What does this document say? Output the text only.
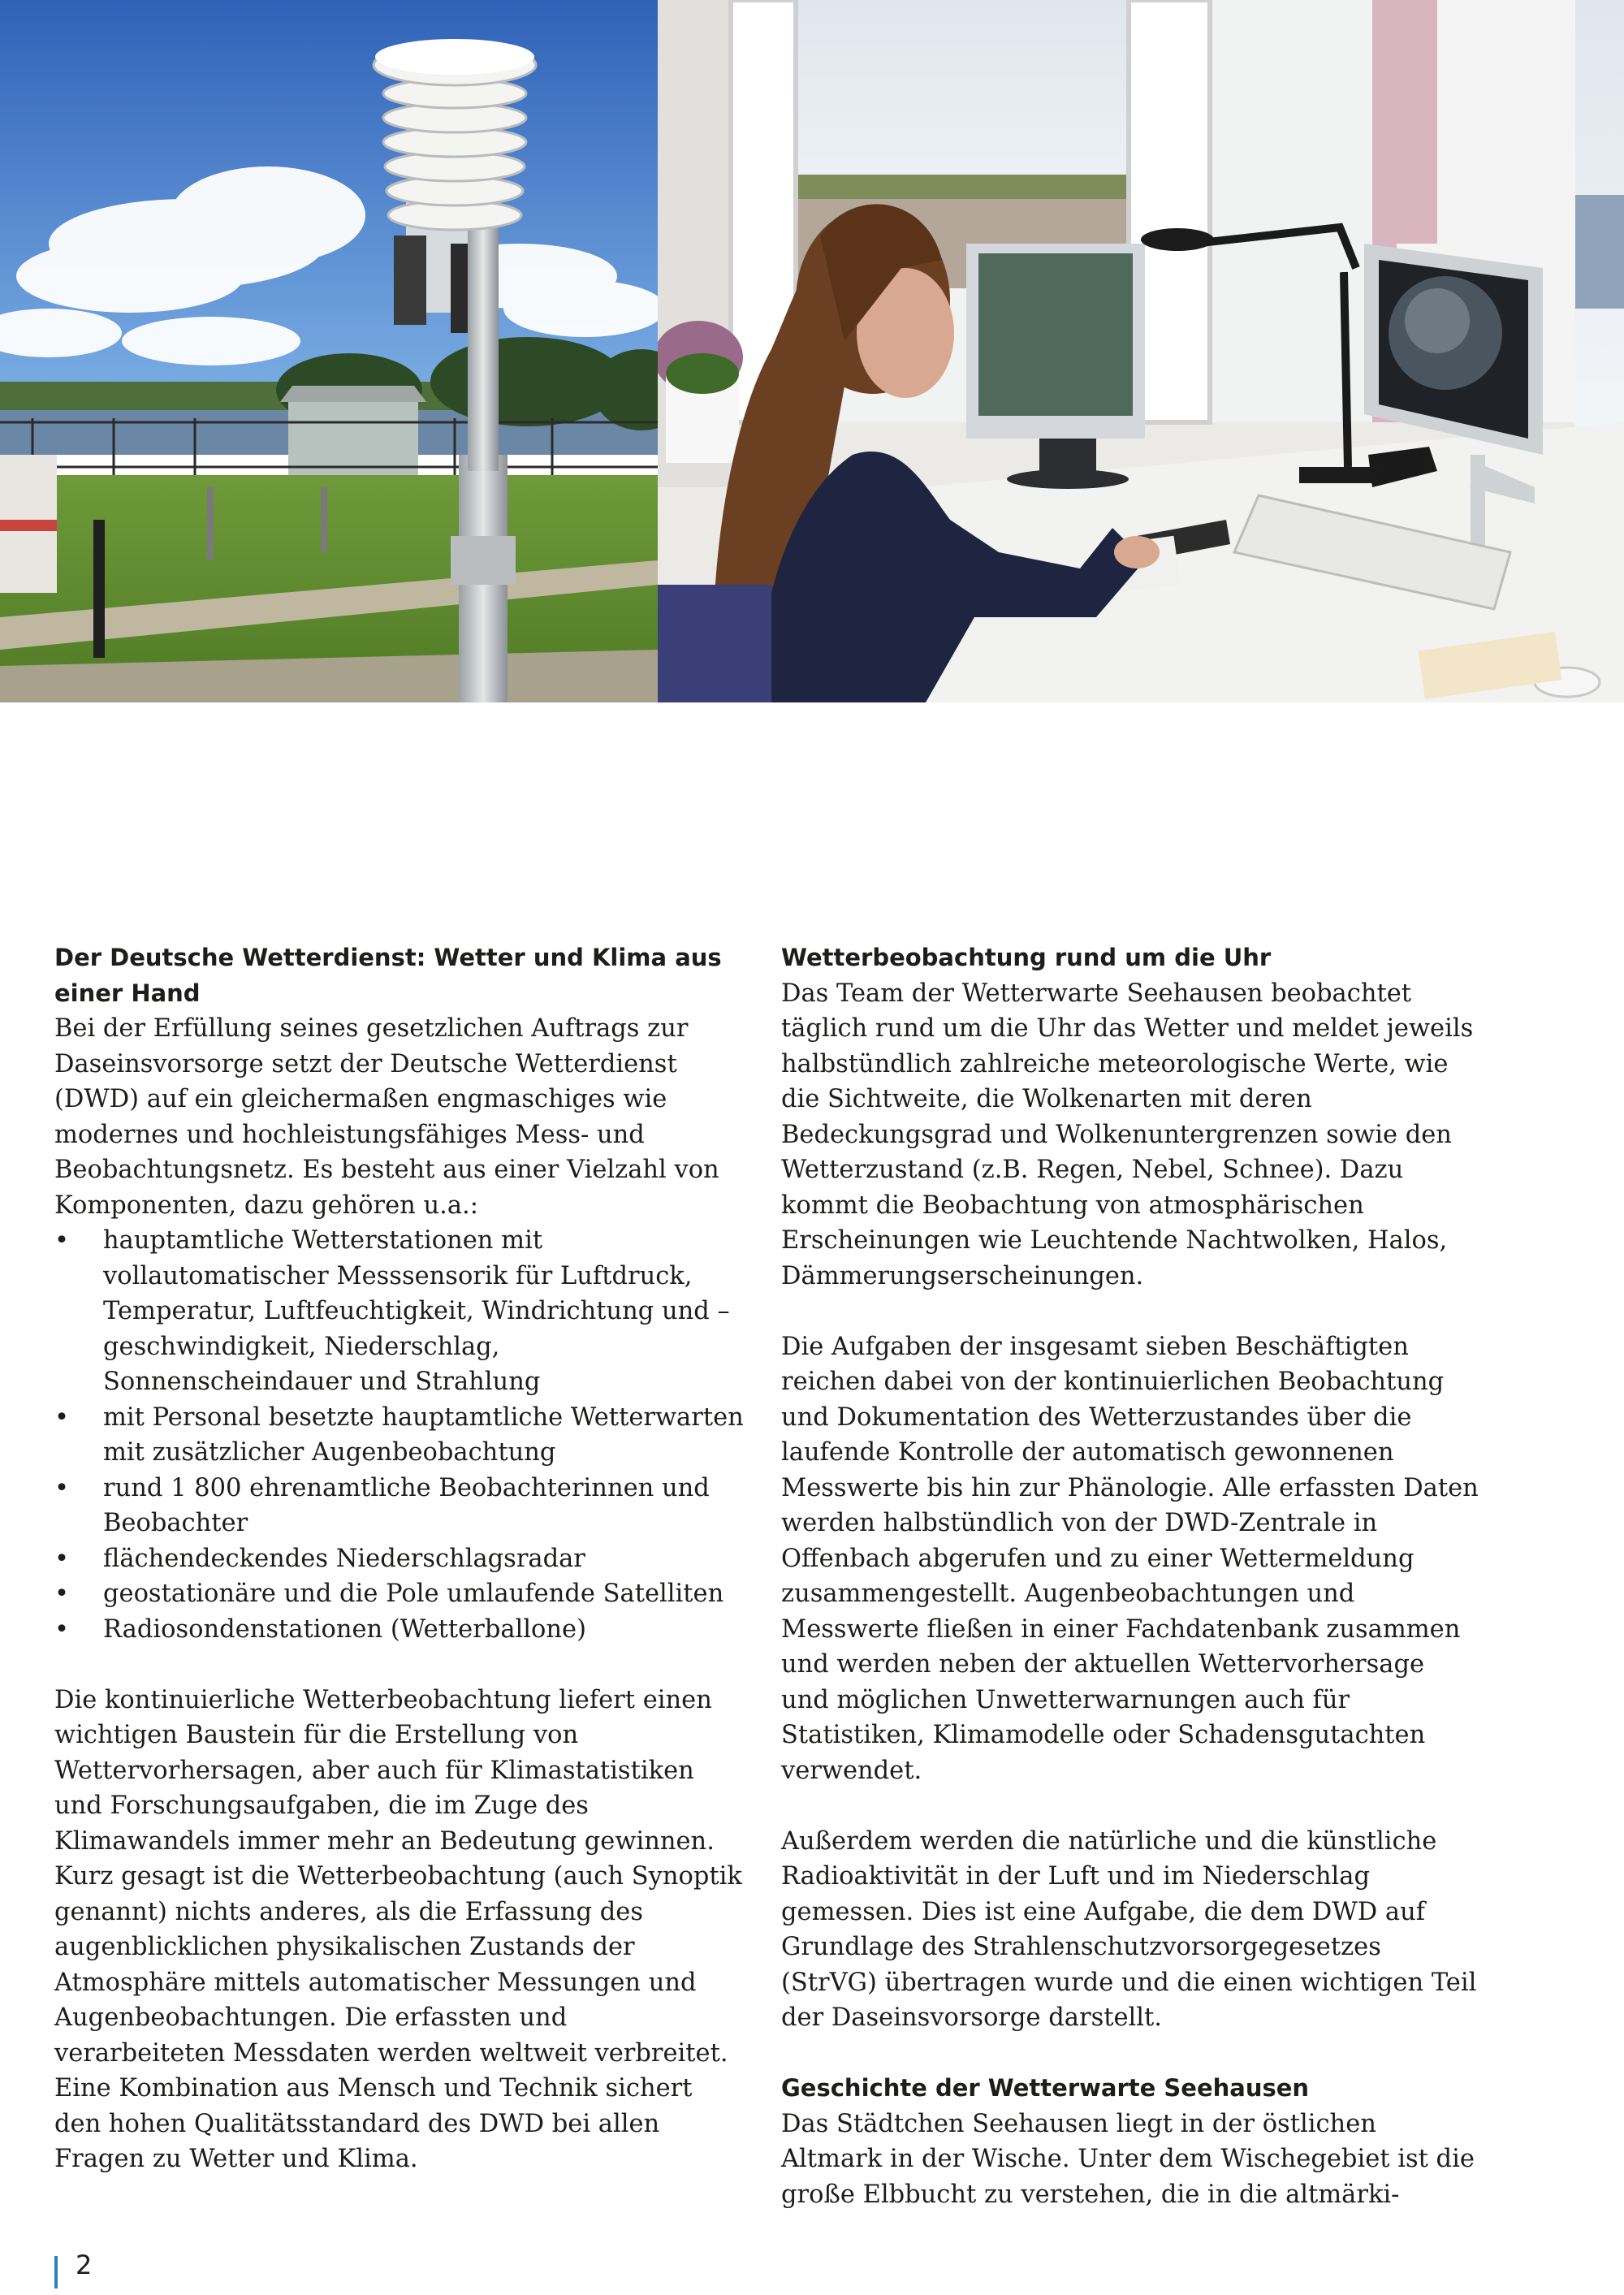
Der Deutsche Wetterdienst: Wetter und Klima aus einer Hand

Bei der Erfüllung seines gesetzlichen Auftrags zur Daseinsvorsorge setzt der Deutsche Wetterdienst (DWD) auf ein gleichermaßen engmaschiges wie modernes und hochleistungsfähiges Mess- und Beobachtungsnetz. Es besteht aus einer Vielzahl von Komponenten, dazu gehören u.a.:

• hauptamtliche Wetterstationen mit vollautomatischer Messsensorik für Luftdruck, Temperatur, Luftfeuchtigkeit, Windrichtung und –geschwindigkeit, Niederschlag, Sonnenscheindauer und Strahlung
• mit Personal besetzte hauptamtliche Wetterwarten mit zusätzlicher Augenbeobachtung
• rund 1 800 ehrenamtliche Beobachterinnen und Beobachter
• flächendeckendes Niederschlagsradar
• geostationäre und die Pole umlaufende Satelliten
• Radiosondenstationen (Wetterballone)

Die kontinuierliche Wetterbeobachtung liefert einen wichtigen Baustein für die Erstellung von Wettervorhersagen, aber auch für Klimastatistiken und Forschungsaufgaben, die im Zuge des Klimawandels immer mehr an Bedeutung gewinnen. Kurz gesagt ist die Wetterbeobachtung (auch Synoptik genannt) nichts anderes, als die Erfassung des augenblicklichen physikalischen Zustands der Atmosphäre mittels automatischer Messungen und Augenbeobachtungen. Die erfassten und verarbeiteten Messdaten werden weltweit verbreitet. Eine Kombination aus Mensch und Technik sichert den hohen Qualitätsstandard des DWD bei allen Fragen zu Wetter und Klima.

Wetterbeobachtung rund um die Uhr

Das Team der Wetterwarte Seehausen beobachtet täglich rund um die Uhr das Wetter und meldet jeweils halbstündlich zahlreiche meteorologische Werte, wie die Sichtweite, die Wolkenarten mit deren Bedeckungsgrad und Wolkenuntergrenzen sowie den Wetterzustand (z.B. Regen, Nebel, Schnee). Dazu kommt die Beobachtung von atmosphärischen Erscheinungen wie Leuchtende Nachtwolken, Halos, Dämmerungserscheinungen.

Die Aufgaben der insgesamt sieben Beschäftigten reichen dabei von der kontinuierlichen Beobachtung und Dokumentation des Wetterzustandes über die laufende Kontrolle der automatisch gewonnenen Messwerte bis hin zur Phänologie. Alle erfassten Daten werden halbstündlich von der DWD-Zentrale in Offenbach abgerufen und zu einer Wettermeldung zusammengestellt. Augenbeobachtungen und Messwerte fließen in einer Fachdatenbank zusammen und werden neben der aktuellen Wettervorhersage und möglichen Unwetterwarnungen auch für Statistiken, Klimamodelle oder Schadensgutachten verwendet.

Außerdem werden die natürliche und die künstliche Radioaktivität in der Luft und im Niederschlag gemessen. Dies ist eine Aufgabe, die dem DWD auf Grundlage des Strahlenschutzvorsorgegesetzes (StrVG) übertragen wurde und die einen wichtigen Teil der Daseinsvorsorge darstellt.

Geschichte der Wetterwarte Seehausen

Das Städtchen Seehausen liegt in der östlichen Altmark in der Wische. Unter dem Wischegebiet ist die große Elbbucht zu verstehen, die in die altmärki-

2
